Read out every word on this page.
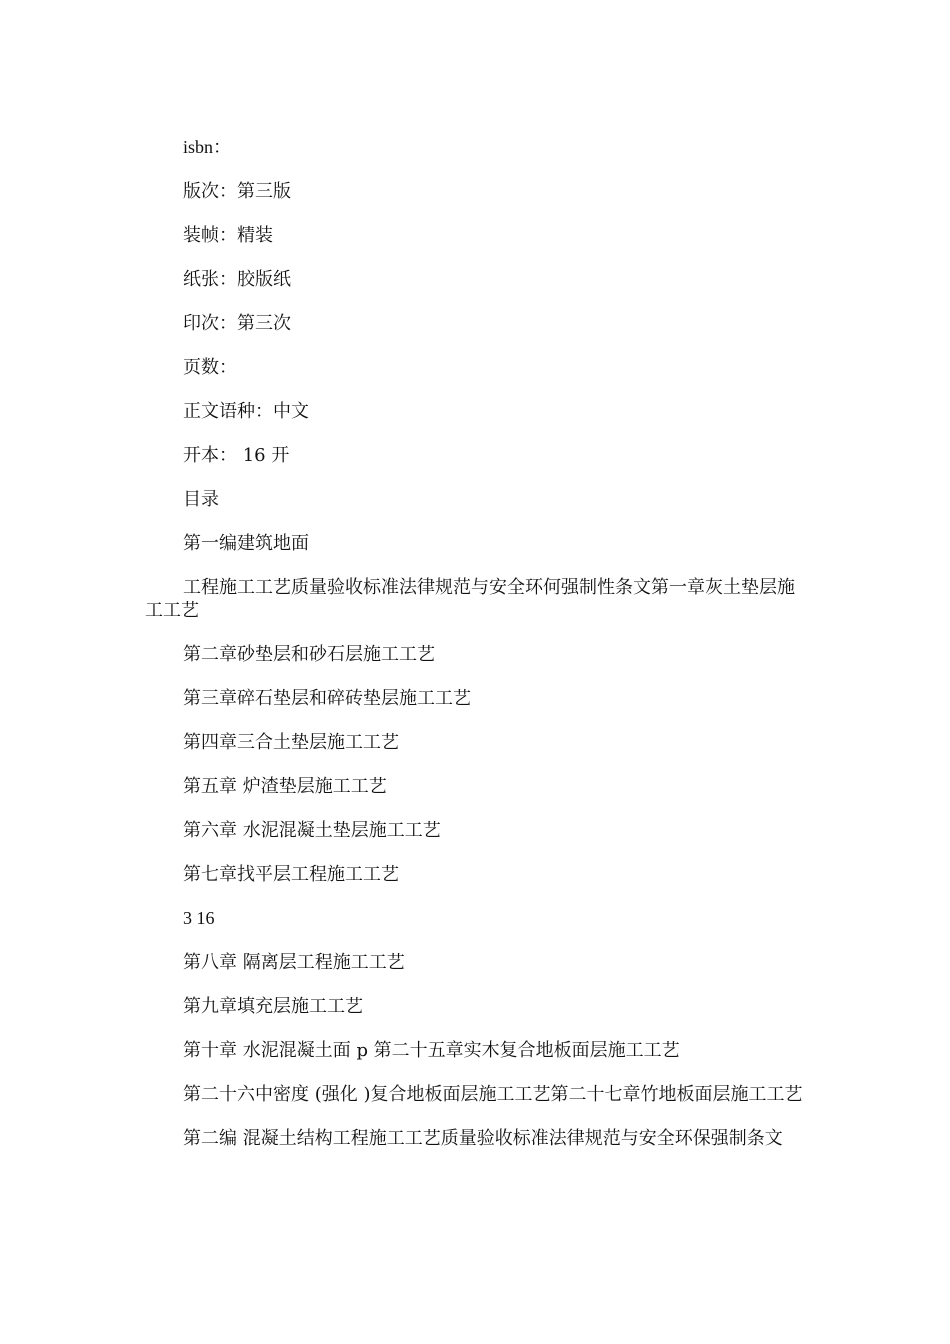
isbn：

版次：第三版

装帧：精装

纸张：胶版纸

印次：第三次

页数：

正文语种：中文

开本： 16 开

目录

第一编建筑地面

工程施工工艺质量验收标准法律规范与安全环何强制性条文第一章灰土垫层施工工艺

第二章砂垫层和砂石层施工工艺

第三章碎石垫层和碎砖垫层施工工艺

第四章三合土垫层施工工艺

第五章 炉渣垫层施工工艺

第六章 水泥混凝土垫层施工工艺

第七章找平层工程施工工艺

3 16

第八章 隔离层工程施工工艺

第九章填充层施工工艺

第十章 水泥混凝土面 p 第二十五章实木复合地板面层施工工艺

第二十六中密度 (强化 )复合地板面层施工工艺第二十七章竹地板面层施工工艺

第二编 混凝土结构工程施工工艺质量验收标准法律规范与安全环保强制条文
